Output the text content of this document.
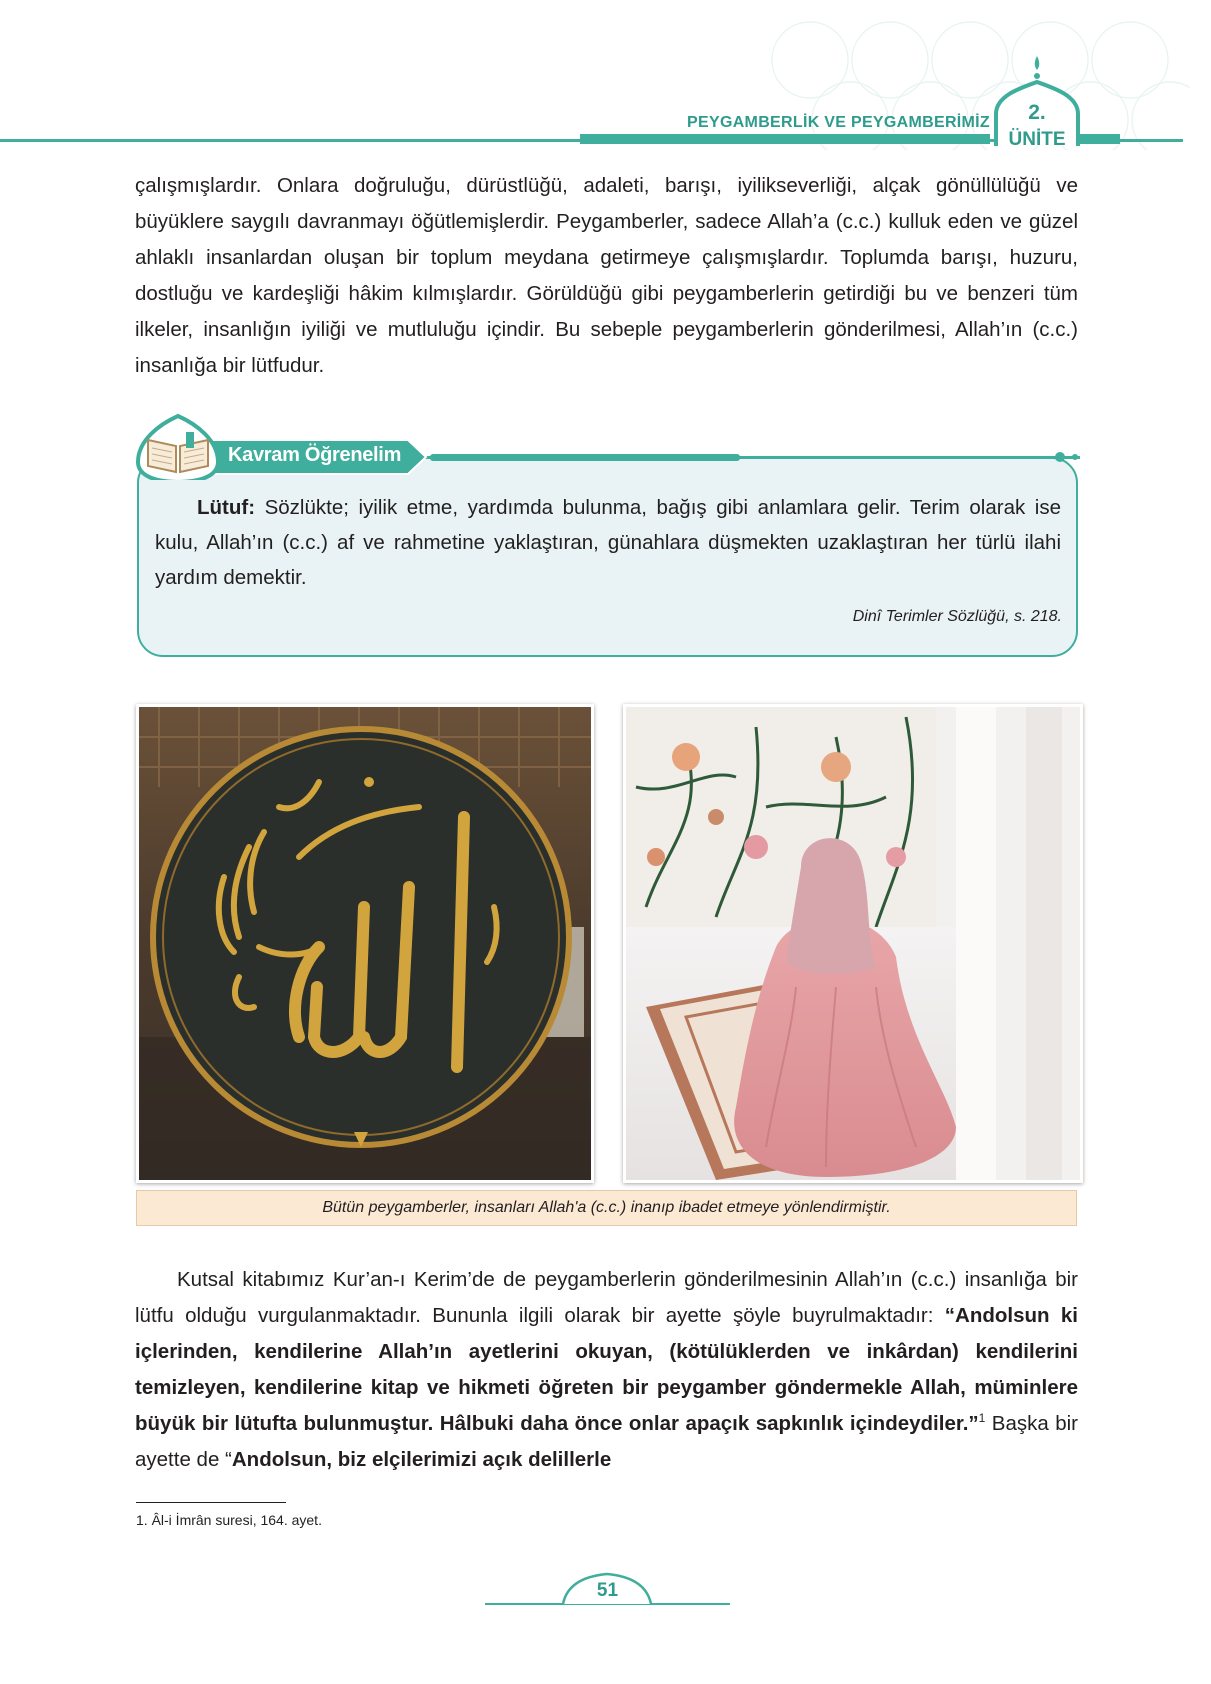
PEYGAMBERLİK VE PEYGAMBERİMİZ	2.
ÜNİTE
çalışmışlardır. Onlara doğruluğu, dürüstlüğü, adaleti, barışı, iyilikseverliği, alçak gönüllülüğü ve büyüklere saygılı davranmayı öğütlemişlerdir. Peygamberler, sadece Allah’a (c.c.) kulluk eden ve güzel ahlaklı insanlardan oluşan bir toplum meydana getirmeye çalışmışlardır. Toplumda barışı, huzuru, dostluğu ve kardeşliği hâkim kılmışlardır. Görüldüğü gibi peygamberlerin getirdiği bu ve benzeri tüm ilkeler, insanlığın iyiliği ve mutluluğu içindir. Bu sebeple peygamberlerin gönderilmesi, Allah’ın (c.c.) insanlığa bir lütfudur.
Kavram Öğrenelim
Lütuf: Sözlükte; iyilik etme, yardımda bulunma, bağış gibi anlamlara gelir. Terim olarak ise kulu, Allah’ın (c.c.) af ve rahmetine yaklaştıran, günahlara düşmekten uzaklaştıran her türlü ilahi yardım demektir.
Dinî Terimler Sözlüğü, s. 218.
Bütün peygamberler, insanları Allah'a (c.c.) inanıp ibadet etmeye yönlendirmiştir.
Kutsal kitabımız Kur’an-ı Kerim’de de peygamberlerin gönderilmesinin Allah’ın (c.c.) insanlığa bir lütfu olduğu vurgulanmaktadır. Bununla ilgili olarak bir ayette şöyle buyrulmaktadır: “Andolsun ki içlerinden, kendilerine Allah’ın ayetlerini okuyan, (kötülüklerden ve inkârdan) kendilerini temizleyen, kendilerine kitap ve hikmeti öğreten bir peygamber göndermekle Allah, müminlere büyük bir lütufta bulunmuştur. Hâlbuki daha önce onlar apaçık sapkınlık içindeydiler.”$^1$ Başka bir ayette de “Andolsun, biz elçilerimizi açık delillerle
1. Âl-i İmrân suresi, 164. ayet.
51
